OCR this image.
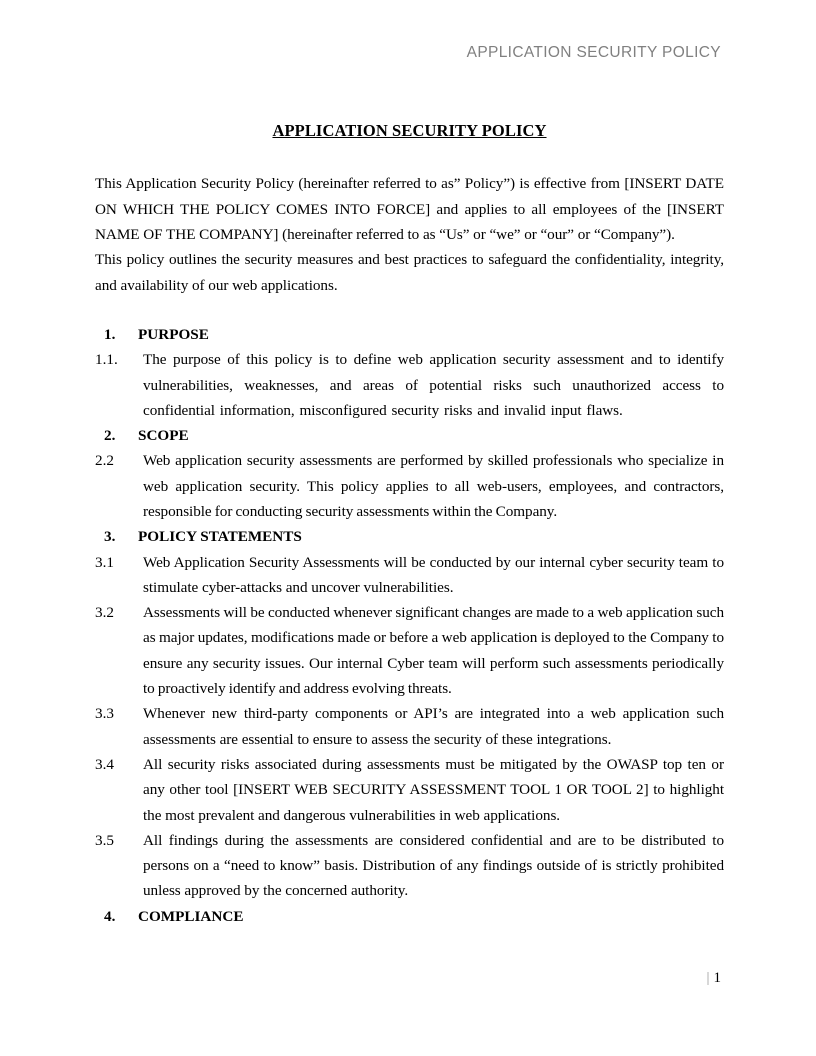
APPLICATION SECURITY POLICY
APPLICATION SECURITY POLICY

This Application Security Policy (hereinafter referred to as” Policy”) is effective from [INSERT DATE ON WHICH THE POLICY COMES INTO FORCE] and applies to all employees of the [INSERT NAME OF THE COMPANY] (hereinafter referred to as “Us” or “we” or “our” or “Company”).

This policy outlines the security measures and best practices to safeguard the confidentiality, integrity, and availability of our web applications.

1.	PURPOSE
1.1.	The purpose of this policy is to define web application security assessment and to identify vulnerabilities, weaknesses, and areas of potential risks such unauthorized access to confidential information, misconfigured security risks and invalid input flaws.
2.	SCOPE
2.2	Web application security assessments are performed by skilled professionals who specialize in web application security. This policy applies to all web-users, employees, and contractors, responsible for conducting security assessments within the Company.
3.	POLICY STATEMENTS
3.1	Web Application Security Assessments will be conducted by our internal cyber security team to stimulate cyber-attacks and uncover vulnerabilities.
3.2	Assessments will be conducted whenever significant changes are made to a web application such as major updates, modifications made or before a web application is deployed to the Company to ensure any security issues. Our internal Cyber team will perform such assessments periodically to proactively identify and address evolving threats.
3.3	Whenever new third-party components or API’s are integrated into a web application such assessments are essential to ensure to assess the security of these integrations.
3.4	All security risks associated during assessments must be mitigated by the OWASP top ten or any other tool [INSERT WEB SECURITY ASSESSMENT TOOL 1 OR TOOL 2] to highlight the most prevalent and dangerous vulnerabilities in web applications.
3.5	All findings during the assessments are considered confidential and are to be distributed to persons on a “need to know” basis. Distribution of any findings outside of is strictly prohibited unless approved by the concerned authority.
4.	COMPLIANCE
| 1
